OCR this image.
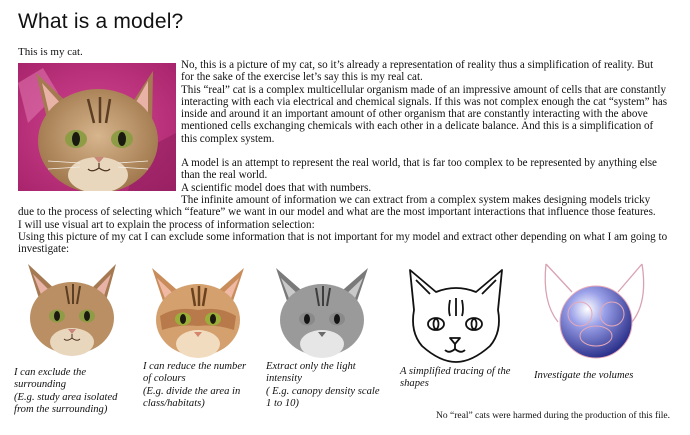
What is a model?
This is my cat.

No, this is a picture of my cat, so it’s already a representation of reality thus a simplification of reality. But for the sake of the exercise let’s say this is my real cat.

This “real” cat is a complex multicellular organism made of an impressive amount of cells that are constantly interacting with each via electrical and chemical signals. If this was not complex enough the cat “system” has inside and around it an important amount of other organism that are constantly interacting with the above mentioned cells exchanging chemicals with each other in a delicate balance. And this is a simplification of this complex system.

A model is an attempt to represent the real world, that is far too complex to be represented by anything else than the real world.

A scientific model does that with numbers.

The infinite amount of information we can extract from a complex system makes designing models tricky due to the process of selecting which “feature” we want in our model and what are the most important interactions that influence those features.

I will use visual art to explain the process of information selection:

Using this picture of my cat I can exclude some information that is not important for my model and extract other depending on what I am going to investigate:

I can exclude the surrounding
(E.g. study area isolated from the surrounding)
I can reduce the number of colours
(E.g. divide the area in class/habitats)
Extract only the light intensity
( E.g. canopy density scale 1 to 10)
A simplified tracing of the shapes
Investigate the volumes
No “real” cats were harmed during the production of this file.
